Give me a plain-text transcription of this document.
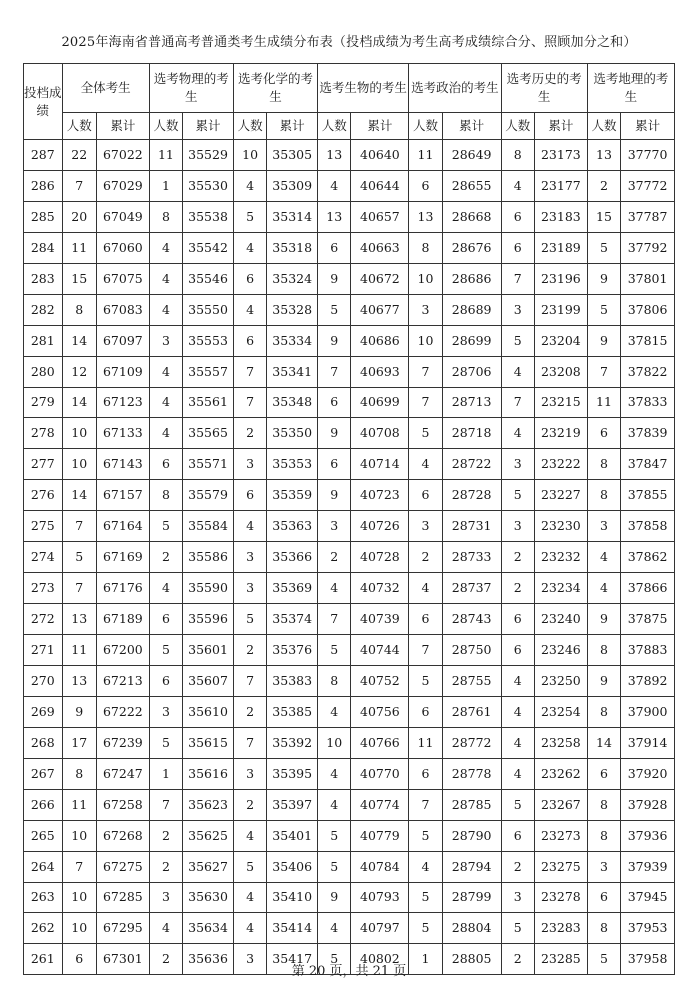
2025年海南省普通高考普通类考生成绩分布表（投档成绩为考生高考成绩综合分、照顾加分之和）
投档成绩	全体考生		选考物理的考生		选考化学的考生		选考生物的考生		选考政治的考生		选考历史的考生		选考地理的考生	
	人数	累计	人数	累计	人数	累计	人数	累计	人数	累计	人数	累计	人数	累计
287	22	67022	11	35529	10	35305	13	40640	11	28649	8	23173	13	37770
286	7	67029	1	35530	4	35309	4	40644	6	28655	4	23177	2	37772
285	20	67049	8	35538	5	35314	13	40657	13	28668	6	23183	15	37787
284	11	67060	4	35542	4	35318	6	40663	8	28676	6	23189	5	37792
283	15	67075	4	35546	6	35324	9	40672	10	28686	7	23196	9	37801
282	8	67083	4	35550	4	35328	5	40677	3	28689	3	23199	5	37806
281	14	67097	3	35553	6	35334	9	40686	10	28699	5	23204	9	37815
280	12	67109	4	35557	7	35341	7	40693	7	28706	4	23208	7	37822
279	14	67123	4	35561	7	35348	6	40699	7	28713	7	23215	11	37833
278	10	67133	4	35565	2	35350	9	40708	5	28718	4	23219	6	37839
277	10	67143	6	35571	3	35353	6	40714	4	28722	3	23222	8	37847
276	14	67157	8	35579	6	35359	9	40723	6	28728	5	23227	8	37855
275	7	67164	5	35584	4	35363	3	40726	3	28731	3	23230	3	37858
274	5	67169	2	35586	3	35366	2	40728	2	28733	2	23232	4	37862
273	7	67176	4	35590	3	35369	4	40732	4	28737	2	23234	4	37866
272	13	67189	6	35596	5	35374	7	40739	6	28743	6	23240	9	37875
271	11	67200	5	35601	2	35376	5	40744	7	28750	6	23246	8	37883
270	13	67213	6	35607	7	35383	8	40752	5	28755	4	23250	9	37892
269	9	67222	3	35610	2	35385	4	40756	6	28761	4	23254	8	37900
268	17	67239	5	35615	7	35392	10	40766	11	28772	4	23258	14	37914
267	8	67247	1	35616	3	35395	4	40770	6	28778	4	23262	6	37920
266	11	67258	7	35623	2	35397	4	40774	7	28785	5	23267	8	37928
265	10	67268	2	35625	4	35401	5	40779	5	28790	6	23273	8	37936
264	7	67275	2	35627	5	35406	5	40784	4	28794	2	23275	3	37939
263	10	67285	3	35630	4	35410	9	40793	5	28799	3	23278	6	37945
262	10	67295	4	35634	4	35414	4	40797	5	28804	5	23283	8	37953
261	6	67301	2	35636	3	35417	5	40802	1	28805	2	23285	5	37958
第 20 页，共 21 页
